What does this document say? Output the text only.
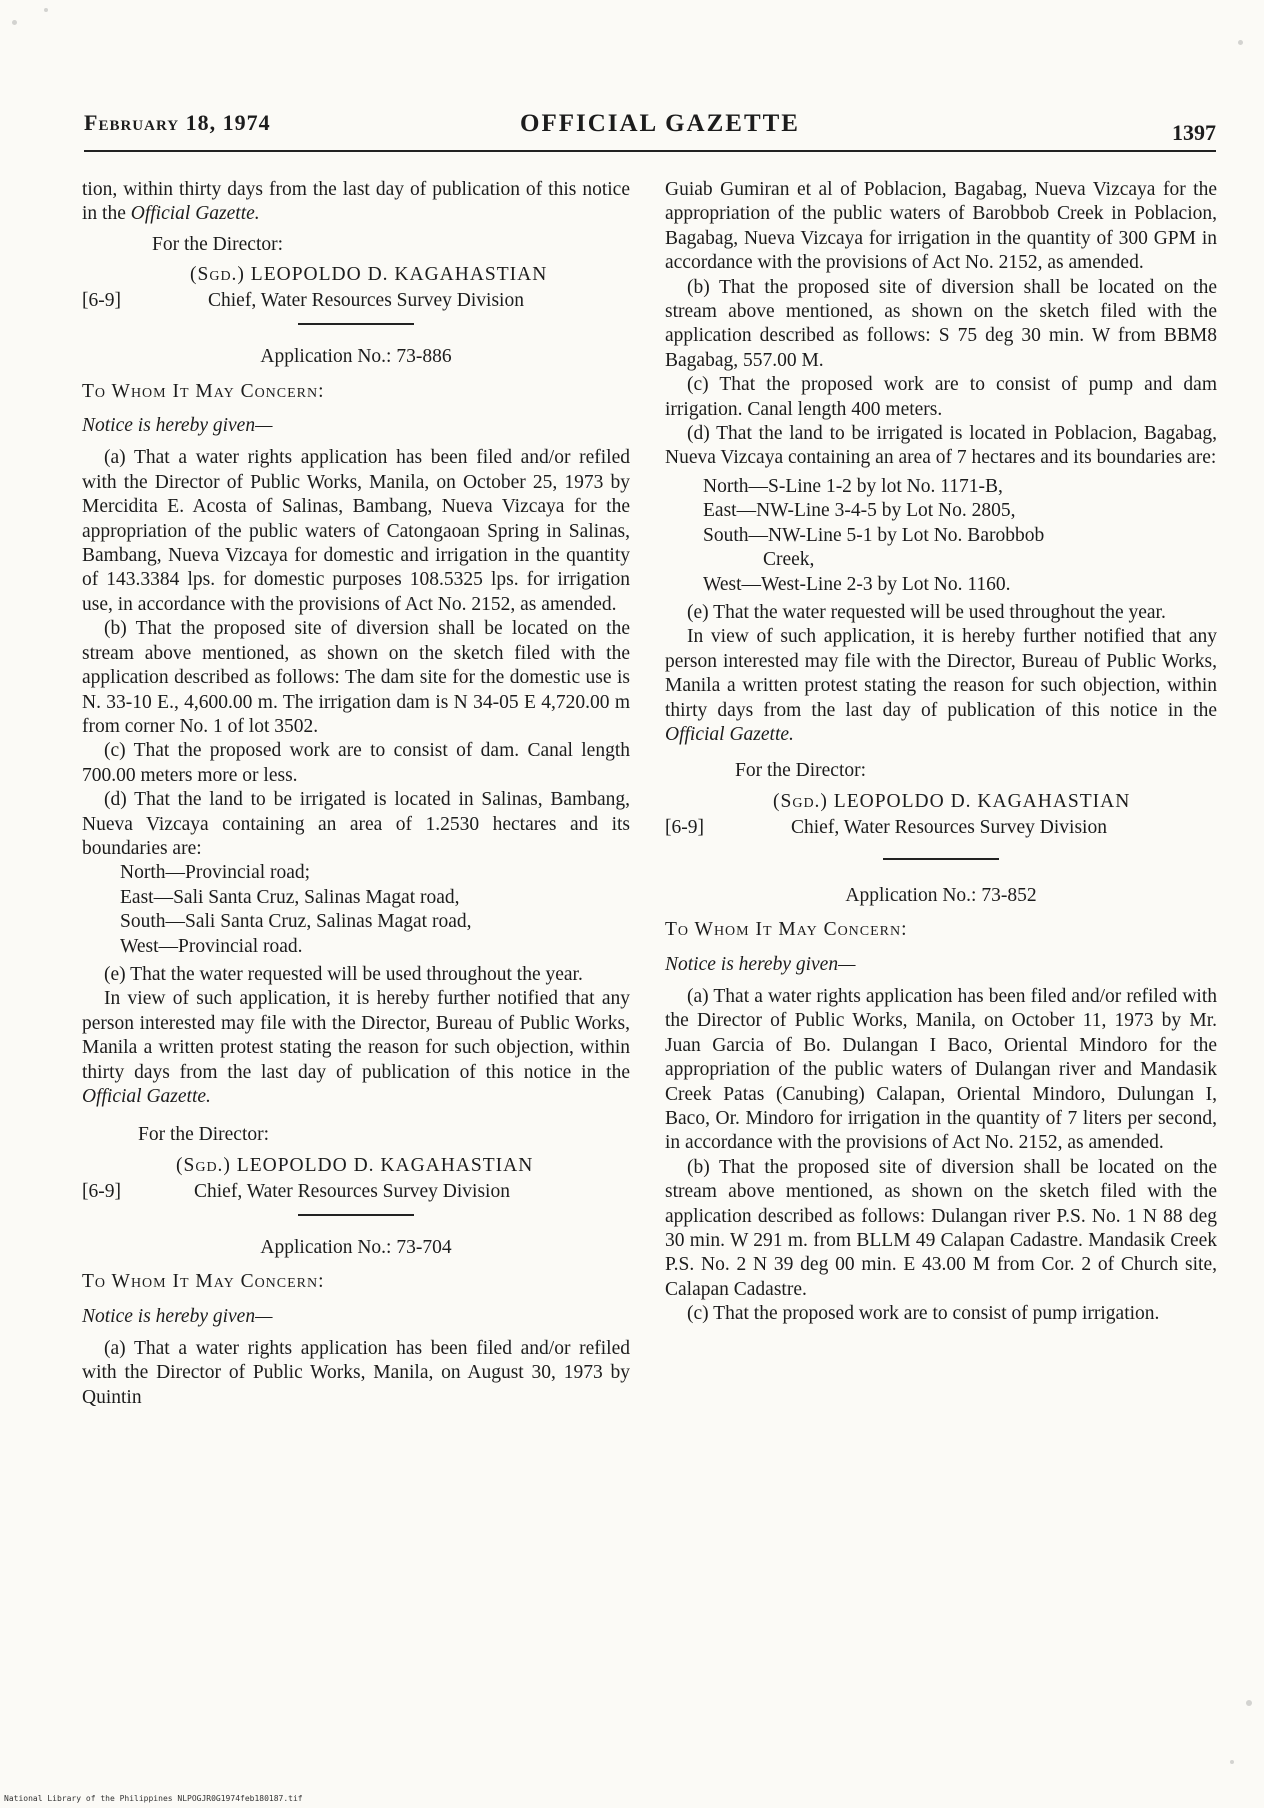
February 18, 1974	OFFICIAL GAZETTE	1397

tion, within thirty days from the last day of publication of this notice in the Official Gazette.

For the Director:

(Sgd.) LEOPOLDO D. KAGAHASTIAN
[6-9]	Chief, Water Resources Survey Division

Application No.: 73-886

To Whom It May Concern:

Notice is hereby given—

(a) That a water rights application has been filed and/or refiled with the Director of Public Works, Manila, on October 25, 1973 by Mercidita E. Acosta of Salinas, Bambang, Nueva Vizcaya for the appropriation of the public waters of Catongaoan Spring in Salinas, Bambang, Nueva Vizcaya for domestic and irrigation in the quantity of 143.3384 lps. for domestic purposes 108.5325 lps. for irrigation use, in accordance with the provisions of Act No. 2152, as amended.

(b) That the proposed site of diversion shall be located on the stream above mentioned, as shown on the sketch filed with the application described as follows: The dam site for the domestic use is N. 33-10 E., 4,600.00 m. The irrigation dam is N 34-05 E 4,720.00 m from corner No. 1 of lot 3502.

(c) That the proposed work are to consist of dam. Canal length 700.00 meters more or less.

(d) That the land to be irrigated is located in Salinas, Bambang, Nueva Vizcaya containing an area of 1.2530 hectares and its boundaries are:

North—Provincial road;
East—Sali Santa Cruz, Salinas Magat road,
South—Sali Santa Cruz, Salinas Magat road,
West—Provincial road.

(e) That the water requested will be used throughout the year.

In view of such application, it is hereby further notified that any person interested may file with the Director, Bureau of Public Works, Manila a written protest stating the reason for such objection, within thirty days from the last day of publication of this notice in the Official Gazette.

For the Director:

(Sgd.) LEOPOLDO D. KAGAHASTIAN
[6-9]	Chief, Water Resources Survey Division

Application No.: 73-704

To Whom It May Concern:

Notice is hereby given—

(a) That a water rights application has been filed and/or refiled with the Director of Public Works, Manila, on August 30, 1973 by Quintin

Guiab Gumiran et al of Poblacion, Bagabag, Nueva Vizcaya for the appropriation of the public waters of Barobbob Creek in Poblacion, Bagabag, Nueva Vizcaya for irrigation in the quantity of 300 GPM in accordance with the provisions of Act No. 2152, as amended.

(b) That the proposed site of diversion shall be located on the stream above mentioned, as shown on the sketch filed with the application described as follows: S 75 deg 30 min. W from BBM8 Bagabag, 557.00 M.

(c) That the proposed work are to consist of pump and dam irrigation. Canal length 400 meters.

(d) That the land to be irrigated is located in Poblacion, Bagabag, Nueva Vizcaya containing an area of 7 hectares and its boundaries are:

North—S-Line 1-2 by lot No. 1171-B,
East—NW-Line 3-4-5 by Lot No. 2805,
South—NW-Line 5-1 by Lot No. Barobbob
Creek,
West—West-Line 2-3 by Lot No. 1160.

(e) That the water requested will be used throughout the year.

In view of such application, it is hereby further notified that any person interested may file with the Director, Bureau of Public Works, Manila a written protest stating the reason for such objection, within thirty days from the last day of publication of this notice in the Official Gazette.

For the Director:

(Sgd.) LEOPOLDO D. KAGAHASTIAN
[6-9]	Chief, Water Resources Survey Division

Application No.: 73-852

To Whom It May Concern:

Notice is hereby given—

(a) That a water rights application has been filed and/or refiled with the Director of Public Works, Manila, on October 11, 1973 by Mr. Juan Garcia of Bo. Dulangan I Baco, Oriental Mindoro for the appropriation of the public waters of Dulangan river and Mandasik Creek Patas (Canubing) Calapan, Oriental Mindoro, Dulungan I, Baco, Or. Mindoro for irrigation in the quantity of 7 liters per second, in accordance with the provisions of Act No. 2152, as amended.

(b) That the proposed site of diversion shall be located on the stream above mentioned, as shown on the sketch filed with the application described as follows: Dulangan river P.S. No. 1 N 88 deg 30 min. W 291 m. from BLLM 49 Calapan Cadastre. Mandasik Creek P.S. No. 2 N 39 deg 00 min. E 43.00 M from Cor. 2 of Church site, Calapan Cadastre.

(c) That the proposed work are to consist of pump irrigation.

National Library of the Philippines NLPOGJR0G1974feb180187.tif
